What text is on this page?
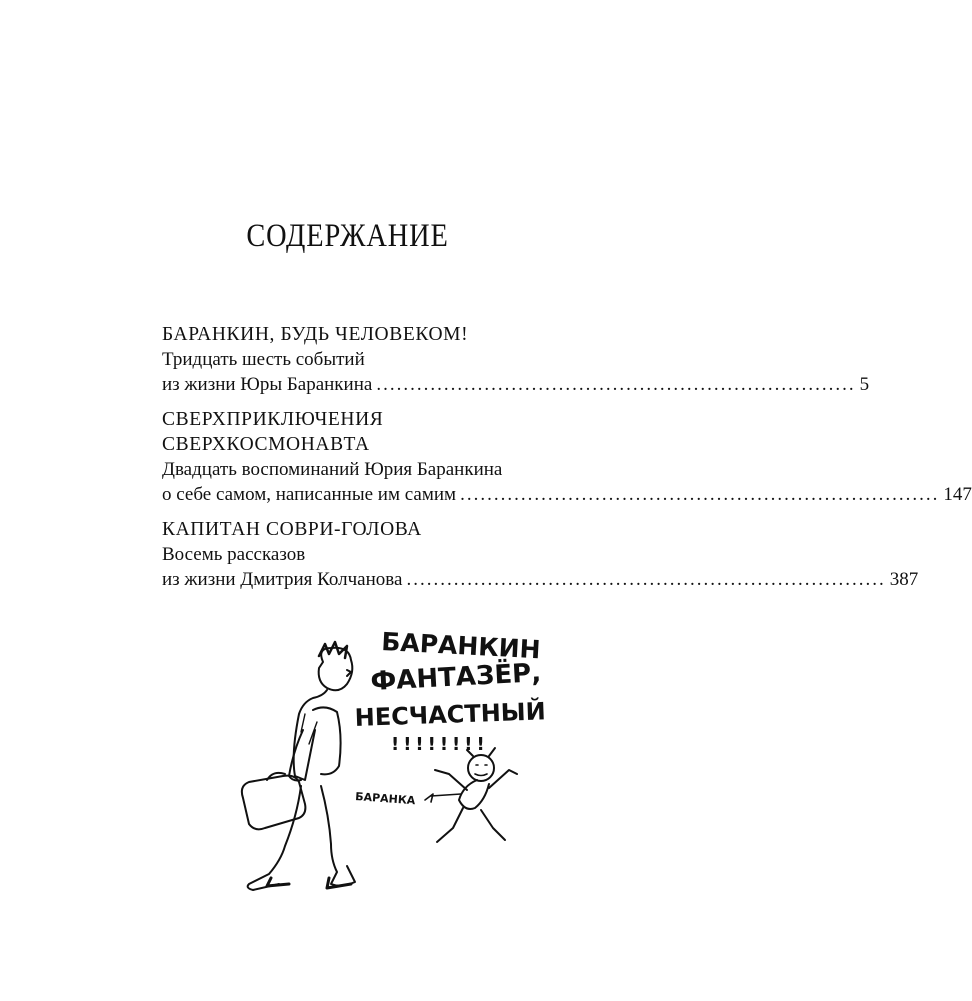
СОДЕРЖАНИЕ
БАРАНКИН, БУДЬ ЧЕЛОВЕКОМ!
Тридцать шесть событий
из жизни Юры Баранкина ....................................................................... 5
СВЕРХПРИКЛЮЧЕНИЯ
СВЕРХКОСМОНАВТА
Двадцать воспоминаний Юрия Баранкина
о себе самом, написанные им самим ....................................................................... 147
КАПИТАН СОВРИ-ГОЛОВА
Восемь рассказов
из жизни Дмитрия Колчанова ....................................................................... 387
БАРАНКИН
ФАНТАЗЁР,
НЕСЧАСТНЫЙ
!!!!!!!!
БАРАНКА
